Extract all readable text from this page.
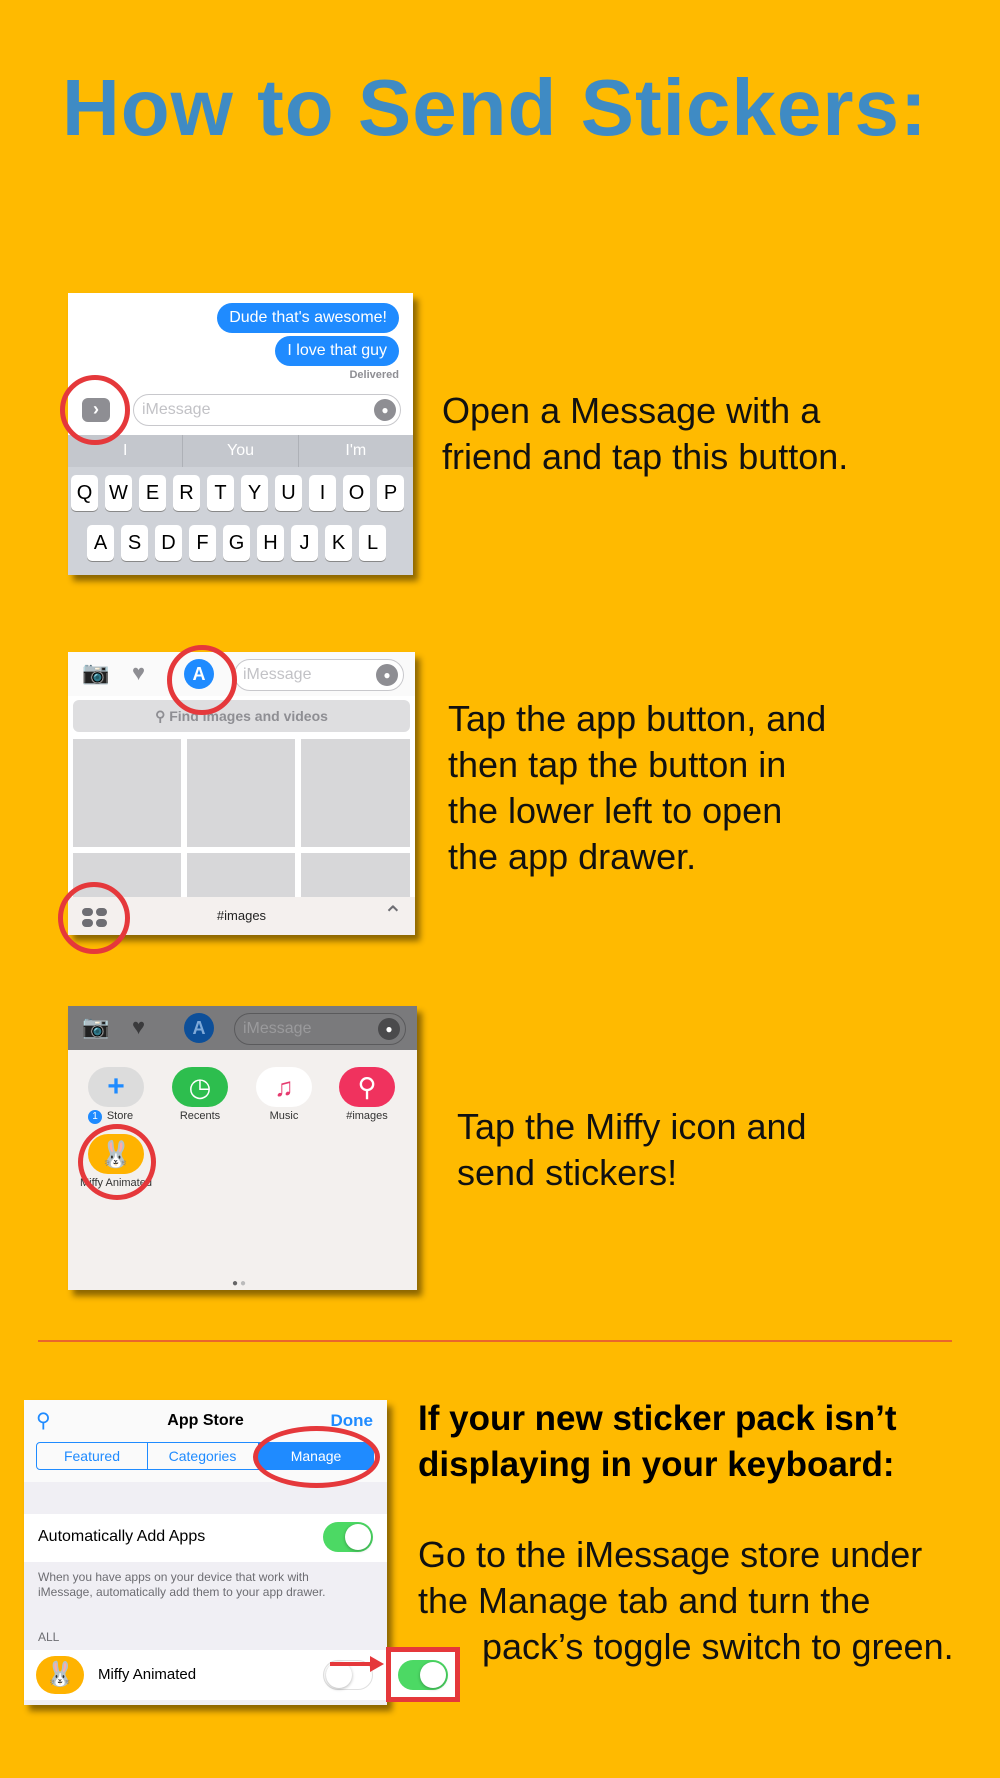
How to Send Stickers:
Dude that's awesome!
I love that guy
Delivered
›	iMessage	●
I	You	I'm
Q W E	R	T	Y	U	I	O P
A	S	D	F	G H	J	K	L
Open a Message with a
friend and tap this button.
📷 ♥	A	iMessage	●
⚲ Find images and videos
#images	⌃
Tap the app button, and
then tap the button in
the lower left to open
the app drawer.
📷 ♥	A	iMessage	●
+
1 Store
◷
Recents
♫
Music
⚲
#images
🐰
Miffy Animated
●●
Tap the Miffy icon and
send stickers!
⚲	App Store	Done
Featured	Categories	Manage
Automatically Add Apps
When you have apps on your device that work with iMessage, automatically add them to your app drawer.
ALL
🐰	Miffy Animated
If your new sticker pack isn’t
displaying in your keyboard:
Go to the iMessage store under
the Manage tab and turn the
pack’s toggle switch to green.
